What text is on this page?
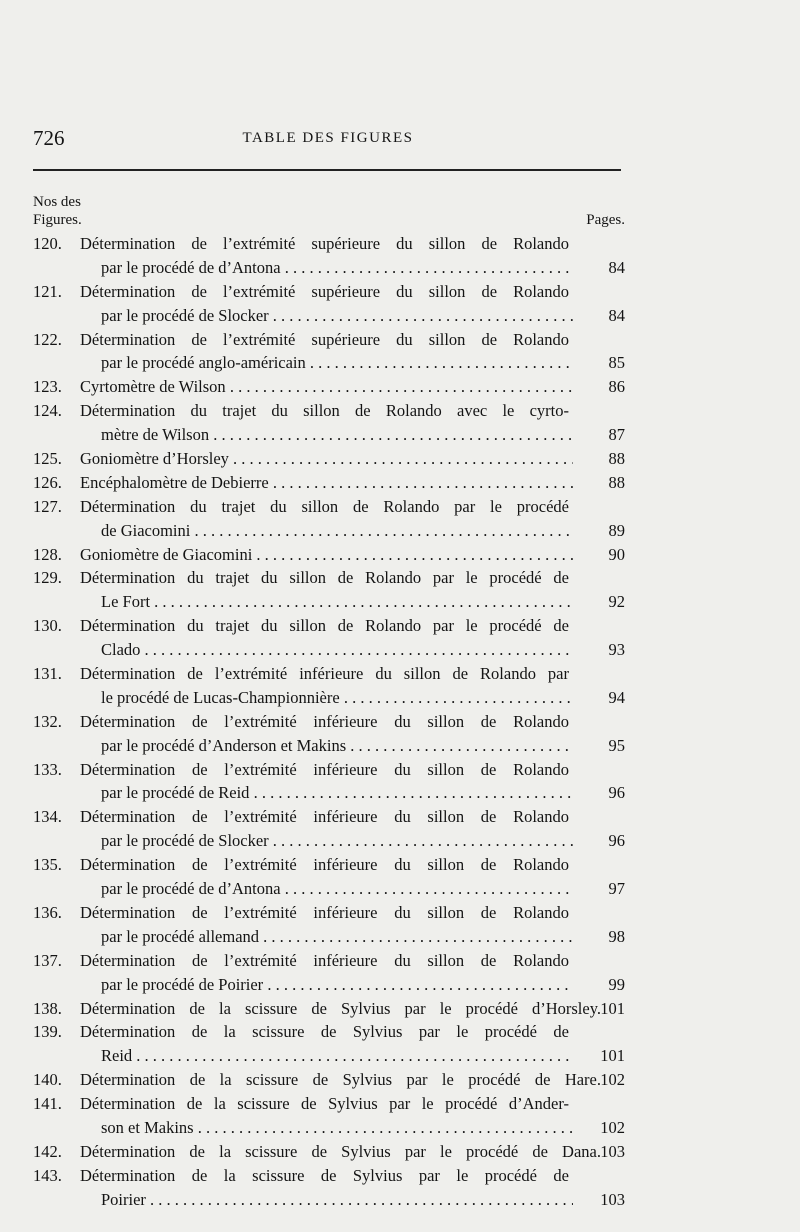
726	TABLE DES FIGURES
Nos des
Figures.	Pages.
120.	Détermination de l’extrémité supérieure du sillon de Rolando
par le procédé de d’Antona . . .	84
121.	Détermination de l’extrémité supérieure du sillon de Rolando
par le procédé de Slocker . . .	84
122.	Détermination de l’extrémité supérieure du sillon de Rolando
par le procédé anglo-américain . . .	85
123.	Cyrtomètre de Wilson . . .	86
124.	Détermination du trajet du sillon de Rolando avec le cyrto-
mètre de Wilson . . .	87
125.	Goniomètre d’Horsley . . .	88
126.	Encéphalomètre de Debierre . . .	88
127.	Détermination du trajet du sillon de Rolando par le procédé
de Giacomini . . .	89
128.	Goniomètre de Giacomini . . .	90
129.	Détermination du trajet du sillon de Rolando par le procédé de
Le Fort . . .	92
130.	Détermination du trajet du sillon de Rolando par le procédé de
Clado . . .	93
131.	Détermination de l’extrémité inférieure du sillon de Rolando par
le procédé de Lucas-Championnière . . .	94
132.	Détermination de l’extrémité inférieure du sillon de Rolando
par le procédé d’Anderson et Makins . . .	95
133.	Détermination de l’extrémité inférieure du sillon de Rolando
par le procédé de Reid . . .	96
134.	Détermination de l’extrémité inférieure du sillon de Rolando
par le procédé de Slocker . . .	96
135.	Détermination de l’extrémité inférieure du sillon de Rolando
par le procédé de d’Antona . . .	97
136.	Détermination de l’extrémité inférieure du sillon de Rolando
par le procédé allemand . . .	98
137.	Détermination de l’extrémité inférieure du sillon de Rolando
par le procédé de Poirier . . .	99
138.	Détermination de la scissure de Sylvius par le procédé d’Horsley. 101
139.	Détermination de la scissure de Sylvius par le procédé de
Reid . . .	101
140.	Détermination de la scissure de Sylvius par le procédé de Hare. 102
141.	Détermination de la scissure de Sylvius par le procédé d’Ander-
son et Makins . . .	102
142.	Détermination de la scissure de Sylvius par le procédé de Dana. 103
143.	Détermination de la scissure de Sylvius par le procédé de
Poirier . . .	103
